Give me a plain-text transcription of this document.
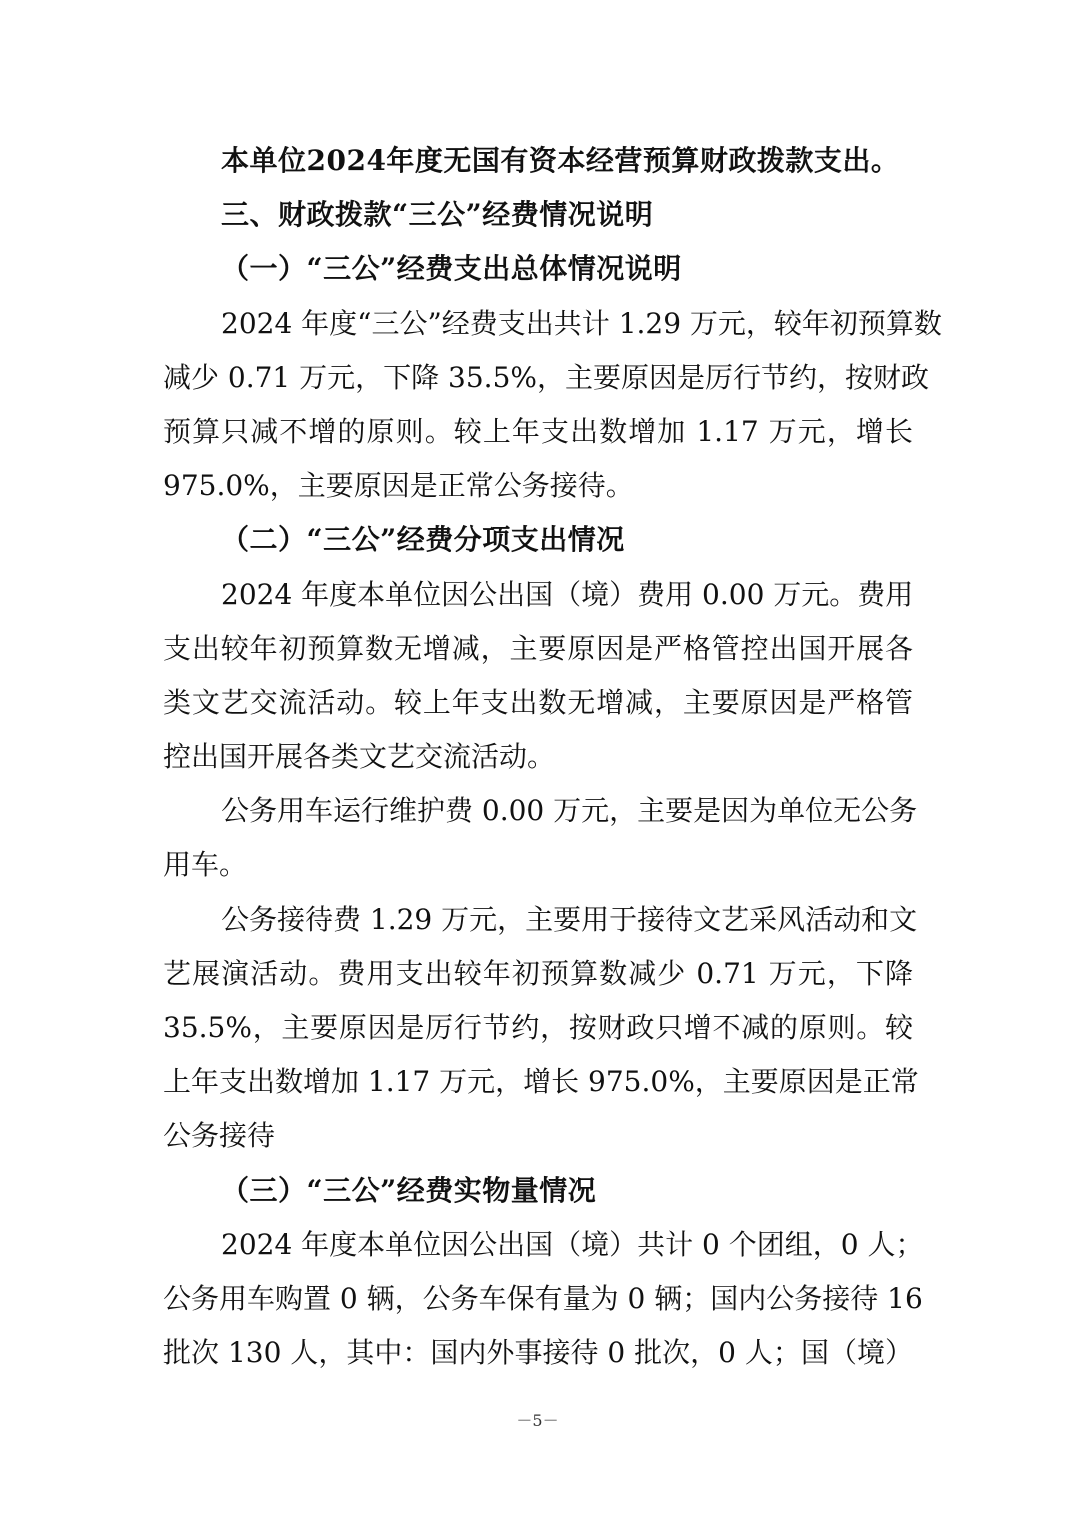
本单位2024年度无国有资本经营预算财政拨款支出。
三、财政拨款“三公”经费情况说明
（一）“三公”经费支出总体情况说明
2024 年度“三公”经费支出共计 1.29 万元，较年初预算数
减少 0.71 万元，下降 35.5%，主要原因是厉行节约，按财政
预算只减不增的原则。较上年支出数增加 1.17 万元，增长
975.0%，主要原因是正常公务接待。
（二）“三公”经费分项支出情况
2024 年度本单位因公出国（境）费用 0.00 万元。费用
支出较年初预算数无增减，主要原因是严格管控出国开展各
类文艺交流活动。较上年支出数无增减，主要原因是严格管
控出国开展各类文艺交流活动。
公务用车运行维护费 0.00 万元，主要是因为单位无公务
用车。
公务接待费 1.29 万元，主要用于接待文艺采风活动和文
艺展演活动。费用支出较年初预算数减少 0.71 万元，下降
35.5%，主要原因是厉行节约，按财政只增不减的原则。较
上年支出数增加 1.17 万元，增长 975.0%，主要原因是正常
公务接待
（三）“三公”经费实物量情况
2024 年度本单位因公出国（境）共计 0 个团组，0 人；
公务用车购置 0 辆，公务车保有量为 0 辆；国内公务接待 16
批次 130 人，其中：国内外事接待 0 批次，0 人；国（境）
－5－
